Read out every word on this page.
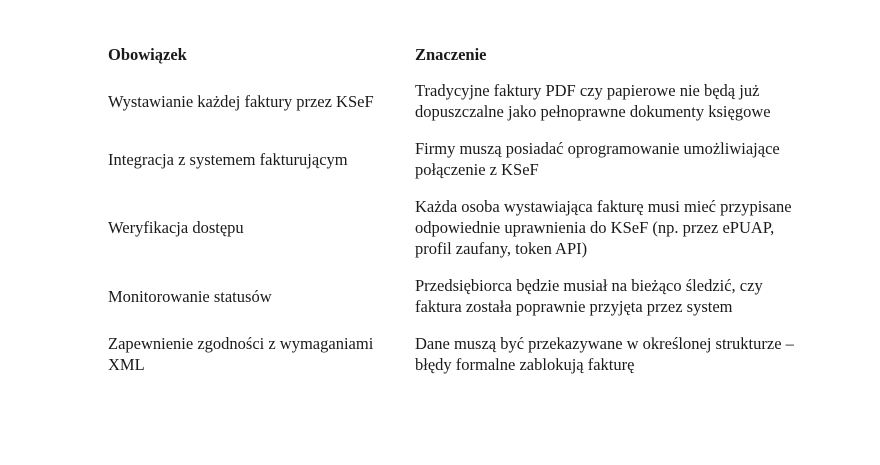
Obowiązek	Znaczenie
Wystawianie każdej faktury przez KSeF	Tradycyjne faktury PDF czy papierowe nie będą już dopuszczalne jako pełnoprawne dokumenty księgowe
Integracja z systemem fakturującym	Firmy muszą posiadać oprogramowanie umożliwiające połączenie z KSeF
Weryfikacja dostępu	Każda osoba wystawiająca fakturę musi mieć przypisane odpowiednie uprawnienia do KSeF (np. przez ePUAP, profil zaufany, token API)
Monitorowanie statusów	Przedsiębiorca będzie musiał na bieżąco śledzić, czy faktura została poprawnie przyjęta przez system
Zapewnienie zgodności z wymaganiami XML	Dane muszą być przekazywane w określonej strukturze – błędy formalne zablokują fakturę
